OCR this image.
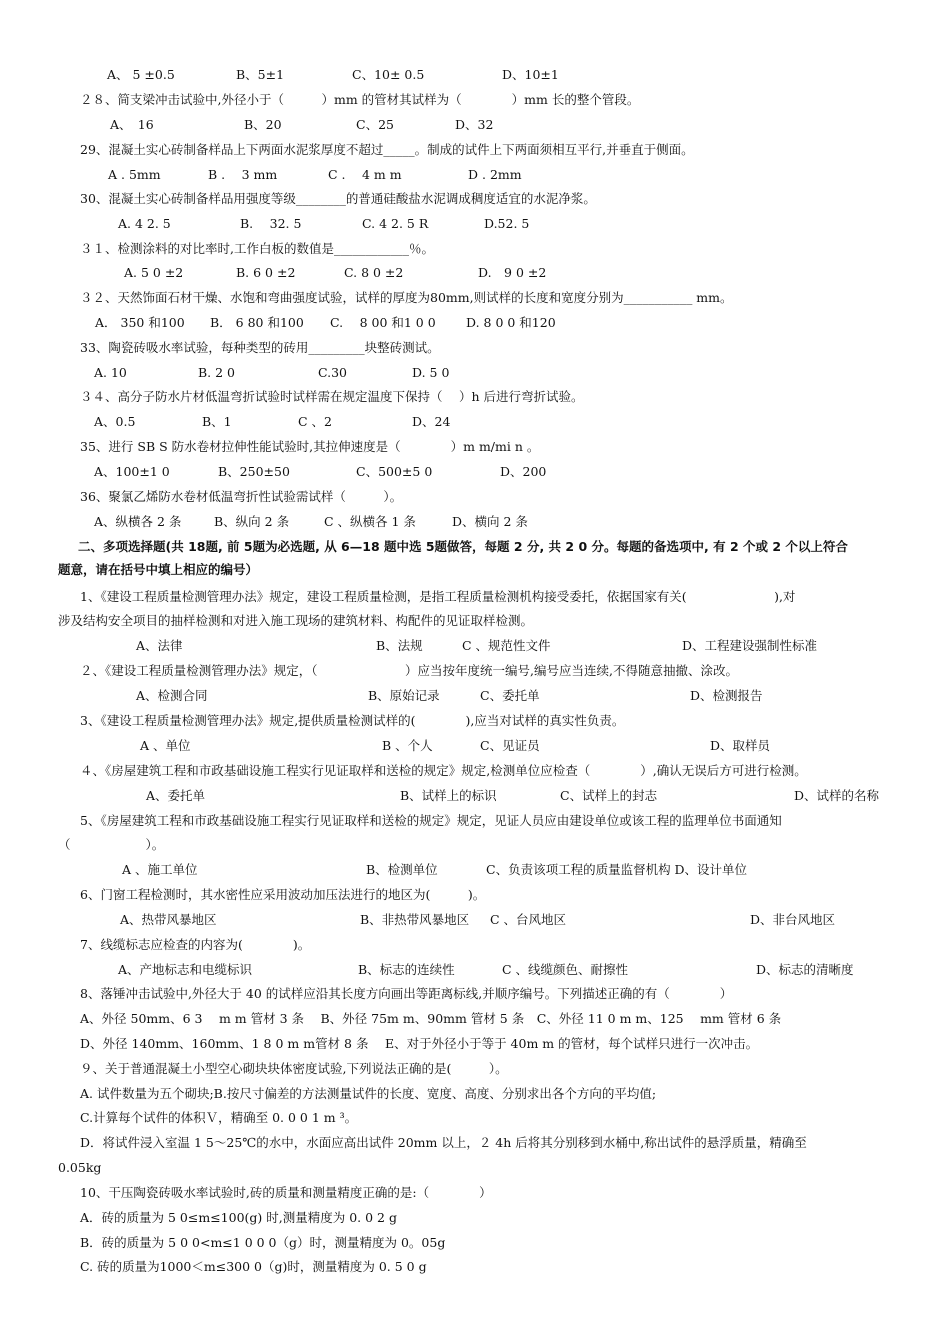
A、 5 ±0.5	B、5±1	C、10± 0.5	D、10±1
２８、简支梁冲击试验中,外径小于（　　　）mm 的管材其试样为（　　　　）mm 长的整个管段。
A、　16	B、20	C、25	D、32
29、混凝土实心砖制备样品上下两面水泥浆厚度不超过_____。制成的试件上下两面须相互平行,并垂直于侧面。
A . 5mm	B .　 3 mm	C .　 4 m m	D . 2mm
30、混凝土实心砖制备样品用强度等级________的普通硅酸盐水泥调成稠度适宜的水泥净浆。
A. 4 2. 5	B.　 32. 5	C. 4 2. 5 R	D.52. 5
３１、检测涂料的对比率时,工作白板的数值是____________％。
A. 5 0 ±2	B. 6 0 ±2	C. 8 0 ±2	D.　9 0 ±2
３２、天然饰面石材干燥、水饱和弯曲强度试验，试样的厚度为80mm,则试样的长度和宽度分别为___________ mm。
A． 350 和100 B． 6 80 和100 C.　 8 00 和1 0 0 D. 8 0 0 和120
33、陶瓷砖吸水率试验，每种类型的砖用_________块整砖测试。
A. 10	B. 2 0	C.30	D. 5 0
３４、高分子防水片材低温弯折试验时试样需在规定温度下保持（　 ）h 后进行弯折试验。
A、0.5	B、1	C 、2	D、24
35、进行 SB S 防水卷材拉伸性能试验时,其拉伸速度是（　　　　）m m/mi n 。
A、100±1 0	B、250±50	C、500±5 0	D、200
36、聚氯乙烯防水卷材低温弯折性试验需试样（　　　）。
A、纵横各 2 条	B、纵向 2 条	C 、纵横各 1 条	D、横向 2 条
二、多项选择题(共 18题, 前 5题为必选题, 从 6—18 题中选 5题做答，每题 2 分, 共 2 0 分。每题的备选项中, 有 2 个或 2 个以上符合
题意，请在括号中填上相应的编号）
1、《建设工程质量检测管理办法》规定，建设工程质量检测，是指工程质量检测机构接受委托，依据国家有关(　　　　　　　),对
涉及结构安全项目的抽样检测和对进入施工现场的建筑材料、构配件的见证取样检测。
A、法律	B、法规	C 、规范性文件	D、工程建设强制性标准
２、《建设工程质量检测管理办法》规定，（　　　　　　　）应当按年度统一编号,编号应当连续,不得随意抽撤、涂改。
A、检测合同	B、原始记录	C、委托单	D、检测报告
3、《建设工程质量检测管理办法》规定,提供质量检测试样的(　　　　),应当对试样的真实性负责。
A 、单位	B 、个人	C、见证员	D、取样员
４、《房屋建筑工程和市政基础设施工程实行见证取样和送检的规定》规定,检测单位应检查（　　　　）,确认无误后方可进行检测。
A、委托单	B、试样上的标识	C、试样上的封志	D、试样的名称
5、《房屋建筑工程和市政基础设施工程实行见证取样和送检的规定》规定，见证人员应由建设单位或该工程的监理单位书面通知
（　　　　　　）。
A 、施工单位	B、检测单位	C、负责该项工程的质量监督机构 D、设计单位
6、门窗工程检测时，其水密性应采用波动加压法进行的地区为(　　　)。
A、热带风暴地区	B、非热带风暴地区 C 、台风地区	D、非台风地区
7、线缆标志应检查的内容为(　　　　)。
A、产地标志和电缆标识	B、标志的连续性	C 、线缆颜色、耐擦性	D、标志的清晰度
8、落锤冲击试验中,外径大于 40 的试样应沿其长度方向画出等距离标线,并顺序编号。下列描述正确的有（　　　　）
A、外径 50mm、6 3　 m m 管材 3 条　 B、外径 75m m、90mm 管材 5 条　C、外径 11 0 m m、125　 mm 管材 6 条
D、外径 140mm、160mm、1 8 0 m m管材 8 条　 E、对于外径小于等于 40m m 的管材，每个试样只进行一次冲击。
９、关于普通混凝土小型空心砌块块体密度试验,下列说法正确的是(　　　）。
A. 试件数量为五个砌块;B.按尺寸偏差的方法测量试件的长度、宽度、高度、分别求出各个方向的平均值;
C.计算每个试件的体积Ｖ，精确至 0. 0 0 1 m ³。
D．将试件浸入室温 1 5～25℃的水中，水面应高出试件 20mm 以上，２ 4h 后将其分别移到水桶中,称出试件的悬浮质量，精确至
0.05kg
10、干压陶瓷砖吸水率试验时,砖的质量和测量精度正确的是:（　　　　）
A．砖的质量为 5 0≤m≤100(g) 时,测量精度为 0. 0 2 g
B．砖的质量为 5 0 0<m≤1 0 0 0（g）时，测量精度为 0。05g
C. 砖的质量为1000＜m≤300 0（g)时，测量精度为 0. 5 0 g
